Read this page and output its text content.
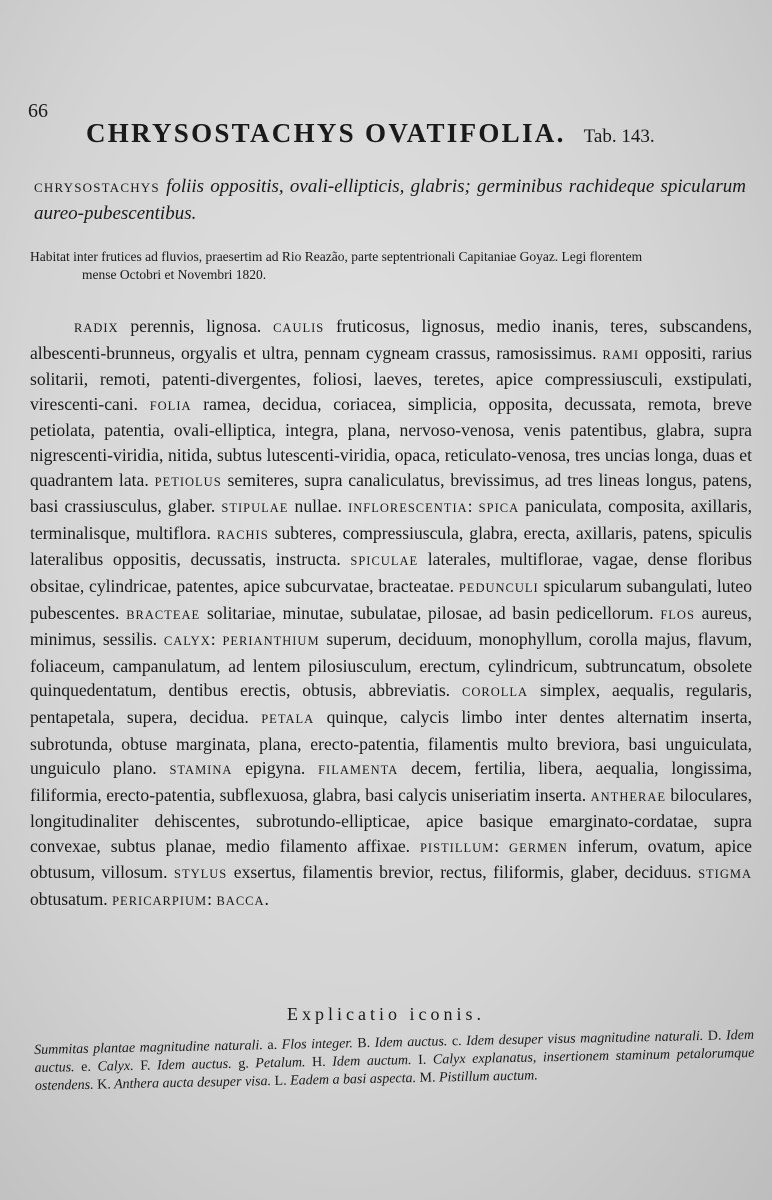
66
CHRYSOSTACHYS OVATIFOLIA. Tab. 143.
CHRYSOSTACHYS foliis oppositis, ovali-ellipticis, glabris; germinibus rachideque spicularum aureo-pubescentibus.
Habitat inter frutices ad fluvios, praesertim ad Rio Reazão, parte septentrionali Capitaniae Goyaz. Legi florentem
mense Octobri et Novembri 1820.
RADIX perennis, lignosa. CAULIS fruticosus, lignosus, medio inanis, teres, subscandens, albescenti-brunneus, orgyalis et ultra, pennam cygneam crassus, ramosissimus. RAMI oppositi, rarius solitarii, remoti, patenti-divergentes, foliosi, laeves, teretes, apice compressiusculi, exstipulati, virescenti-cani. FOLIA ramea, decidua, coriacea, simplicia, opposita, decussata, remota, breve petiolata, patentia, ovali-elliptica, integra, plana, nervoso-venosa, venis patentibus, glabra, supra nigrescenti-viridia, nitida, subtus lutescenti-viridia, opaca, reticulato-venosa, tres uncias longa, duas et quadrantem lata. PETIOLUS semiteres, supra canaliculatus, brevissimus, ad tres lineas longus, patens, basi crassiusculus, glaber. STIPULAE nullae. INFLORESCENTIA: SPICA paniculata, composita, axillaris, terminalisque, multiflora. RACHIS subteres, compressiuscula, glabra, erecta, axillaris, patens, spiculis lateralibus oppositis, decussatis, instructa. SPICULAE laterales, multiflorae, vagae, dense floribus obsitae, cylindricae, patentes, apice subcurvatae, bracteatae. PEDUNCULI spicularum subangulati, luteo pubescentes. BRACTEAE solitariae, minutae, subulatae, pilosae, ad basin pedicellorum. FLOS aureus, minimus, sessilis. CALYX: PERIANTHIUM superum, deciduum, monophyllum, corolla majus, flavum, foliaceum, campanulatum, ad lentem pilosiusculum, erectum, cylindricum, subtruncatum, obsolete quinquedentatum, dentibus erectis, obtusis, abbreviatis. COROLLA simplex, aequalis, regularis, pentapetala, supera, decidua. PETALA quinque, calycis limbo inter dentes alternatim inserta, subrotunda, obtuse marginata, plana, erecto-patentia, filamentis multo breviora, basi unguiculata, unguiculo plano. STAMINA epigyna. FILAMENTA decem, fertilia, libera, aequalia, longissima, filiformia, erecto-patentia, subflexuosa, glabra, basi calycis uniseriatim inserta. ANTHERAE biloculares, longitudinaliter dehiscentes, subrotundo-ellipticae, apice basique emarginato-cordatae, supra convexae, subtus planae, medio filamento affixae. PISTILLUM: GERMEN inferum, ovatum, apice obtusum, villosum. STYLUS exsertus, filamentis brevior, rectus, filiformis, glaber, deciduus. STIGMA obtusatum. PERICARPIUM: BACCA.
Explicatio iconis.
Summitas plantae magnitudine naturali. a. Flos integer. B. Idem auctus. c. Idem desuper visus magnitudine naturali. D. Idem auctus. e. Calyx. F. Idem auctus. g. Petalum. H. Idem auctum. I. Calyx explanatus, insertionem staminum petalorumque ostendens. K. Anthera aucta desuper visa. L. Eadem a basi aspecta. M. Pistillum auctum.
